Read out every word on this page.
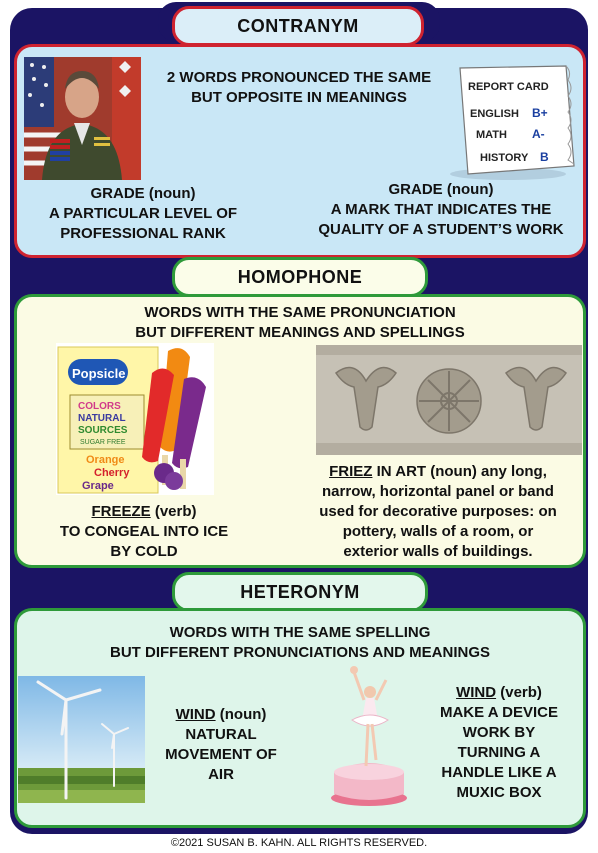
CONTRANYM
2 WORDS PRONOUNCED THE SAME
BUT OPPOSITE IN MEANINGS
REPORT CARD
ENGLISH B+
MATH A-
HISTORY B
GRADE (noun)
A PARTICULAR LEVEL OF
PROFESSIONAL RANK
GRADE (noun)
A MARK THAT INDICATES THE
QUALITY OF A STUDENT’S WORK
HOMOPHONE
WORDS WITH THE SAME PRONUNCIATION
BUT DIFFERENT MEANINGS AND SPELLINGS
Popsicle
COLORS
NATURAL
SOURCES
SUGAR FREE
Orange
Cherry
Grape
FREEZE (verb)
TO CONGEAL INTO ICE
BY COLD
FRIEZ IN ART (noun) any long,
narrow, horizontal panel or band
used for decorative purposes: on
pottery, walls of a room, or
exterior walls of buildings.
HETERONYM
WORDS WITH THE SAME SPELLING
BUT DIFFERENT PRONUNCIATIONS AND MEANINGS
WIND (noun)
NATURAL
MOVEMENT OF
AIR
WIND (verb)
MAKE A DEVICE
WORK BY
TURNING A
HANDLE LIKE A
MUXIC BOX
©2021 SUSAN B. KAHN. ALL RIGHTS RESERVED.
